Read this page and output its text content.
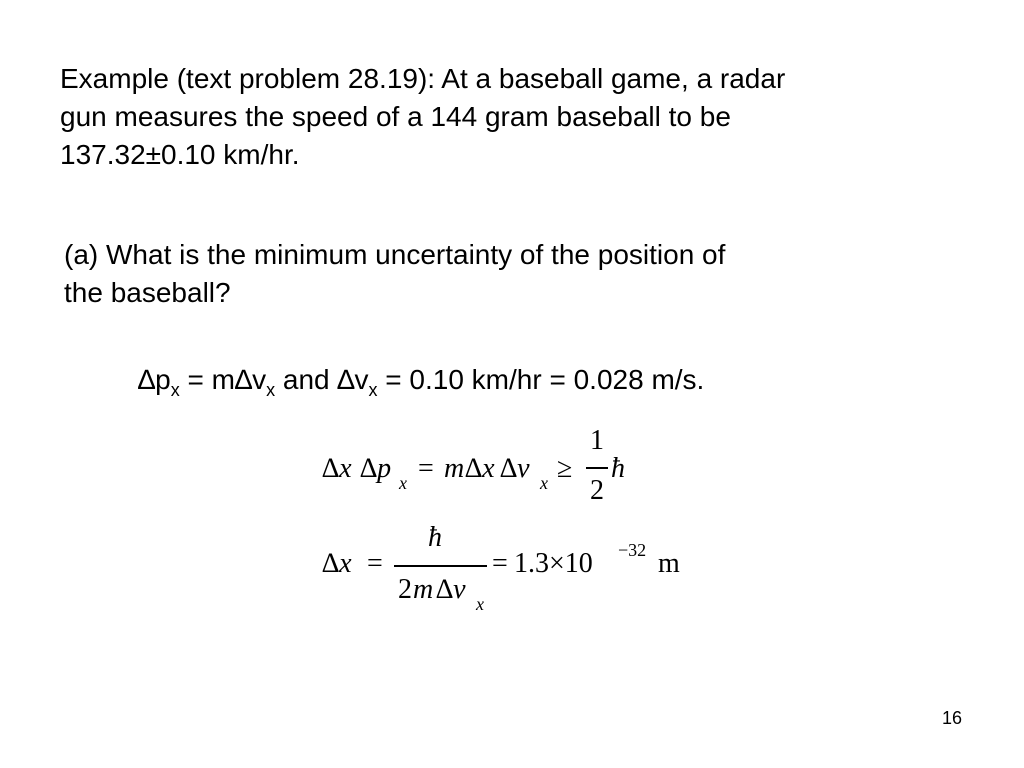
Example (text problem 28.19): At a baseball game, a radar
gun measures the speed of a 144 gram baseball to be
137.32±0.10 km/hr.

(a) What is the minimum uncertainty of the position of
the baseball?

$\Delta p_x = m\Delta v_x$ and $\Delta v_x = 0.10$ km/hr = 0.028 m/s.

∆x ∆p x = m ∆x ∆v x ≥
1
2
ħ
∆x =
ħ
2 m ∆v x
= 1.3×10 −32 m
16
